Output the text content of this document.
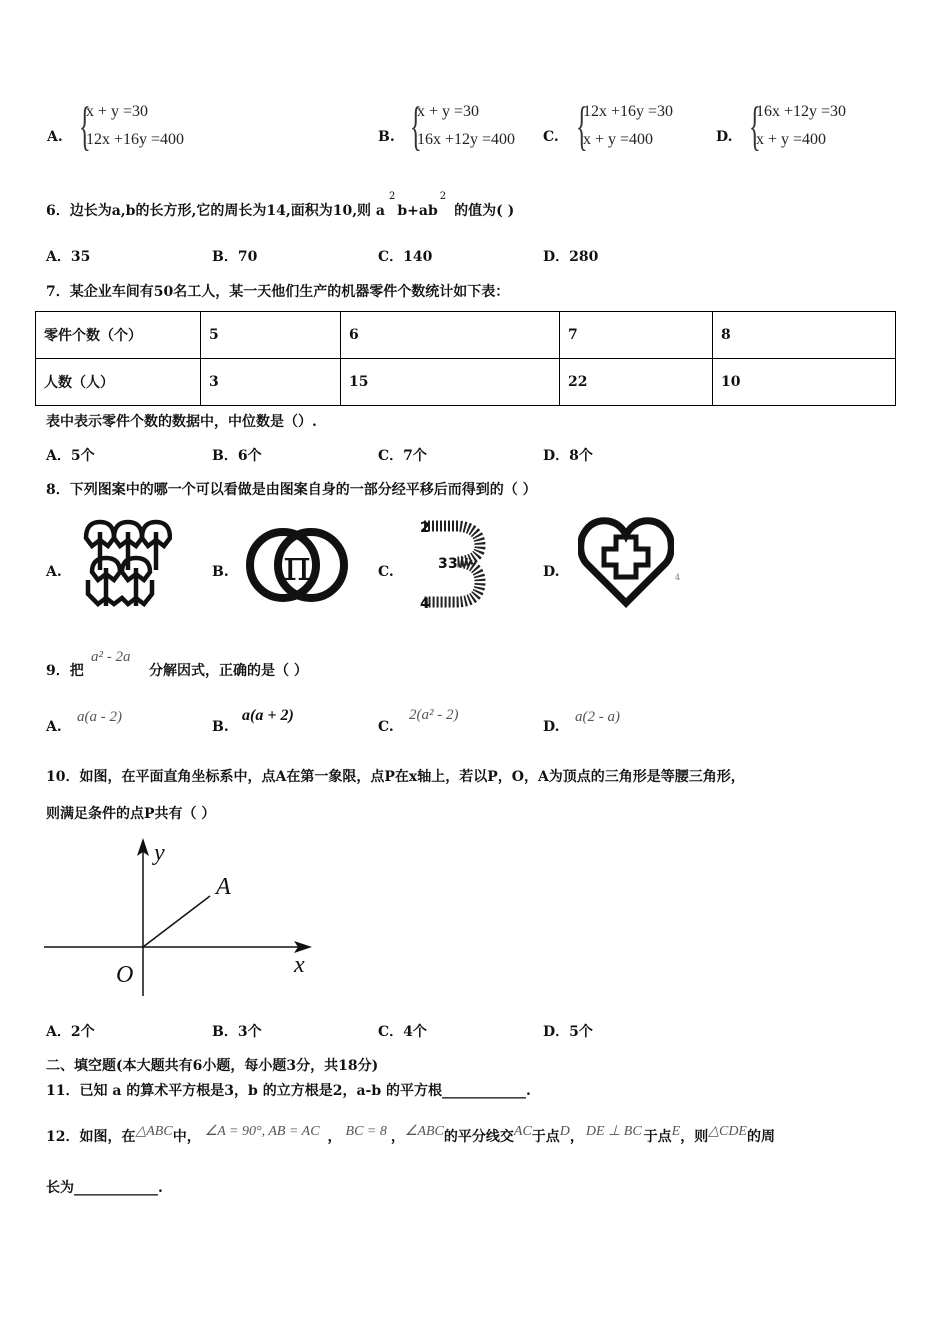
A. {
x + y =30
12x +16y =400	B. {
x + y =30
16x +12y =400 C. {
12x +16y =30
x + y =400	D. {
16x +12y =30
x + y =400
6．边长为a,b的长方形,它的周长为14,面积为10,则 $a^2b+ab^2$的值为( )
A．35	B．70	C．140	D．280
7．某企业车间有50名工人，某一天他们生产的机器零件个数统计如下表：
零件个数（个）	5	6	7	8
人数（人）	3	15	22	10
表中表示零件个数的数据中，中位数是（）.
A．5个	B．6个	C．7个	D．8个
8．下列图案中的哪一个可以看做是由图案自身的一部分经平移后而得到的（ ）
A.	B.	C.	D.
π
2
3
4
3
4
9．把
a² - 2a
分解因式，正确的是（ ）
A.
a(a - 2)
B.
a(a + 2)
C.
2(a² - 2)
D.
a(2 - a)
10．如图，在平面直角坐标系中，点A在第一象限，点P在x轴上，若以P，O，A为顶点的三角形是等腰三角形，
则满足条件的点P共有（ ）
y
x
O
A
A．2个	B．3个	C．4个	D．5个
二、填空题(本大题共有6小题，每小题3分，共18分)
11．已知 a 的算术平方根是3，b 的立方根是2，a-b 的平方根____________.
12．如图，在△ABC中， ∠A = 90°, AB = AC ， BC = 8 ，∠ABC的平分线交AC于点D， DE ⊥ BC 于点E，则△CDE的周
长为____________.
